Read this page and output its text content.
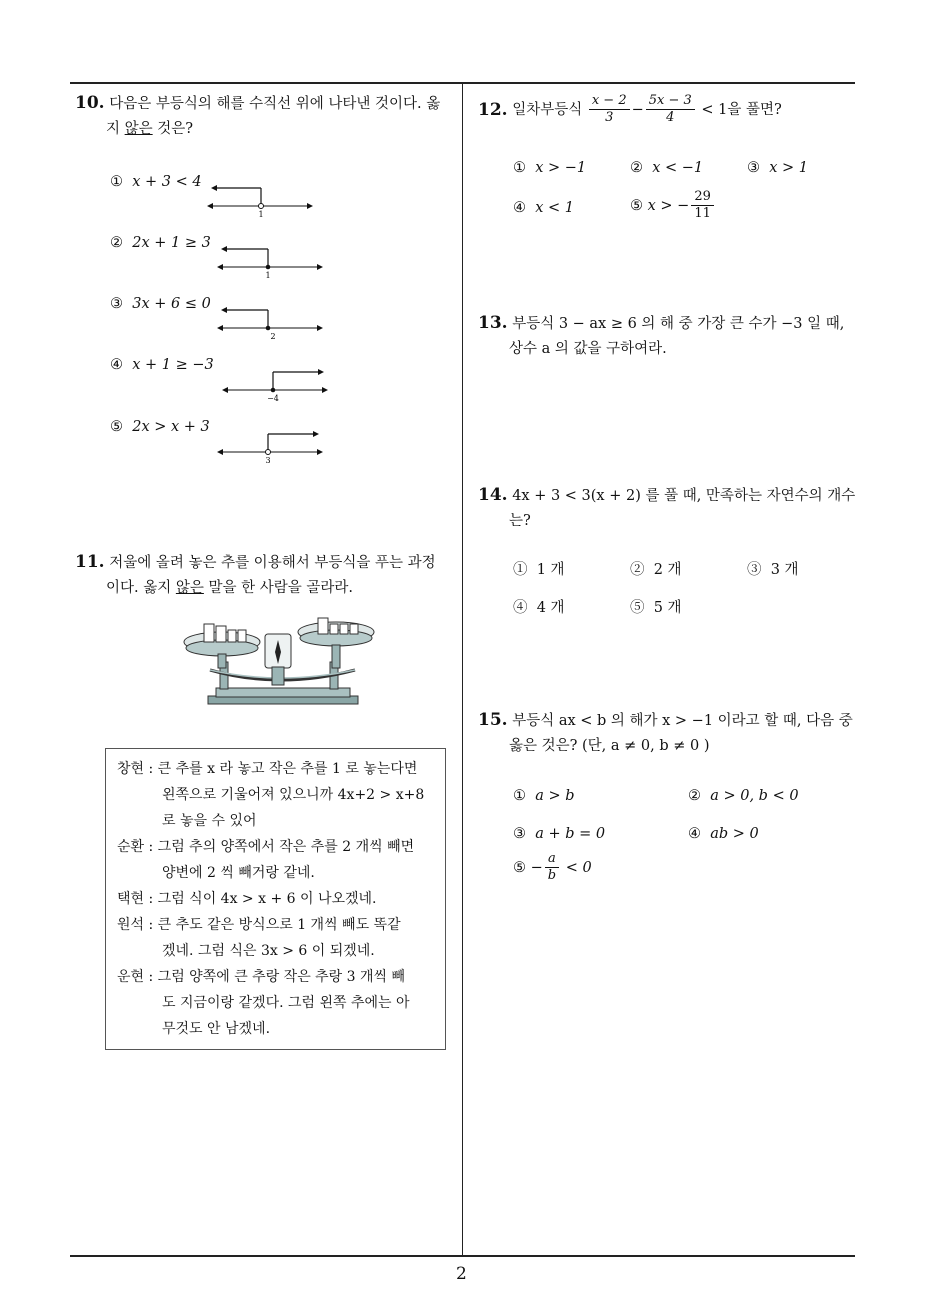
10. 다음은 부등식의 해를 수직선 위에 나타낸 것이다. 옳
지 않은 것은?
① x + 3 < 4
1
② 2x + 1 ≥ 3
1
③ 3x + 6 ≤ 0
2
④ x + 1 ≥ −3
−4
⑤ 2x > x + 3
3
11. 저울에 올려 놓은 추를 이용해서 부등식을 푸는 과정
이다. 옳지 않은 말을 한 사람을 골라라.
창현 : 큰 추를 x 라 놓고 작은 추를 1 로 놓는다면
왼쪽으로 기울어져 있으니까 4x+2 > x+8
로 놓을 수 있어
순환 : 그럼 추의 양쪽에서 작은 추를 2 개씩 빼면
양변에 2 씩 빼거랑 같네.
택현 : 그럼 식이 4x > x + 6 이 나오겠네.
원석 : 큰 추도 같은 방식으로 1 개씩 빼도 똑같
겠네. 그럼 식은 3x > 6 이 되겠네.
운현 : 그럼 양쪽에 큰 추랑 작은 추랑 3 개씩 빼
도 지금이랑 같겠다. 그럼 왼쪽 추에는 아
무것도 안 남겠네.
12.
일차부등식
$\frac{x - 2}{3} - \frac{5x - 3}{4}$
< 1을 풀면?
① x > −1	② x < −1	③ x > 1
④ x < 1	⑤
x > − $\frac{29}{11}$
13. 부등식 3 − ax ≥ 6 의 해 중 가장 큰 수가 −3 일 때,
상수 a 의 값을 구하여라.
14. 4x + 3 < 3(x + 2) 를 풀 때, 만족하는 자연수의 개수
는?
① 1 개	② 2 개	③ 3 개
④ 4 개	⑤ 5 개
15. 부등식 ax < b 의 해가 x > −1 이라고 할 때, 다음 중
옳은 것은? (단, a ≠ 0, b ≠ 0 )
① a > b	② a > 0, b < 0
③ a + b = 0	④ ab > 0
⑤
− $\frac{a}{b}$
< 0
2
